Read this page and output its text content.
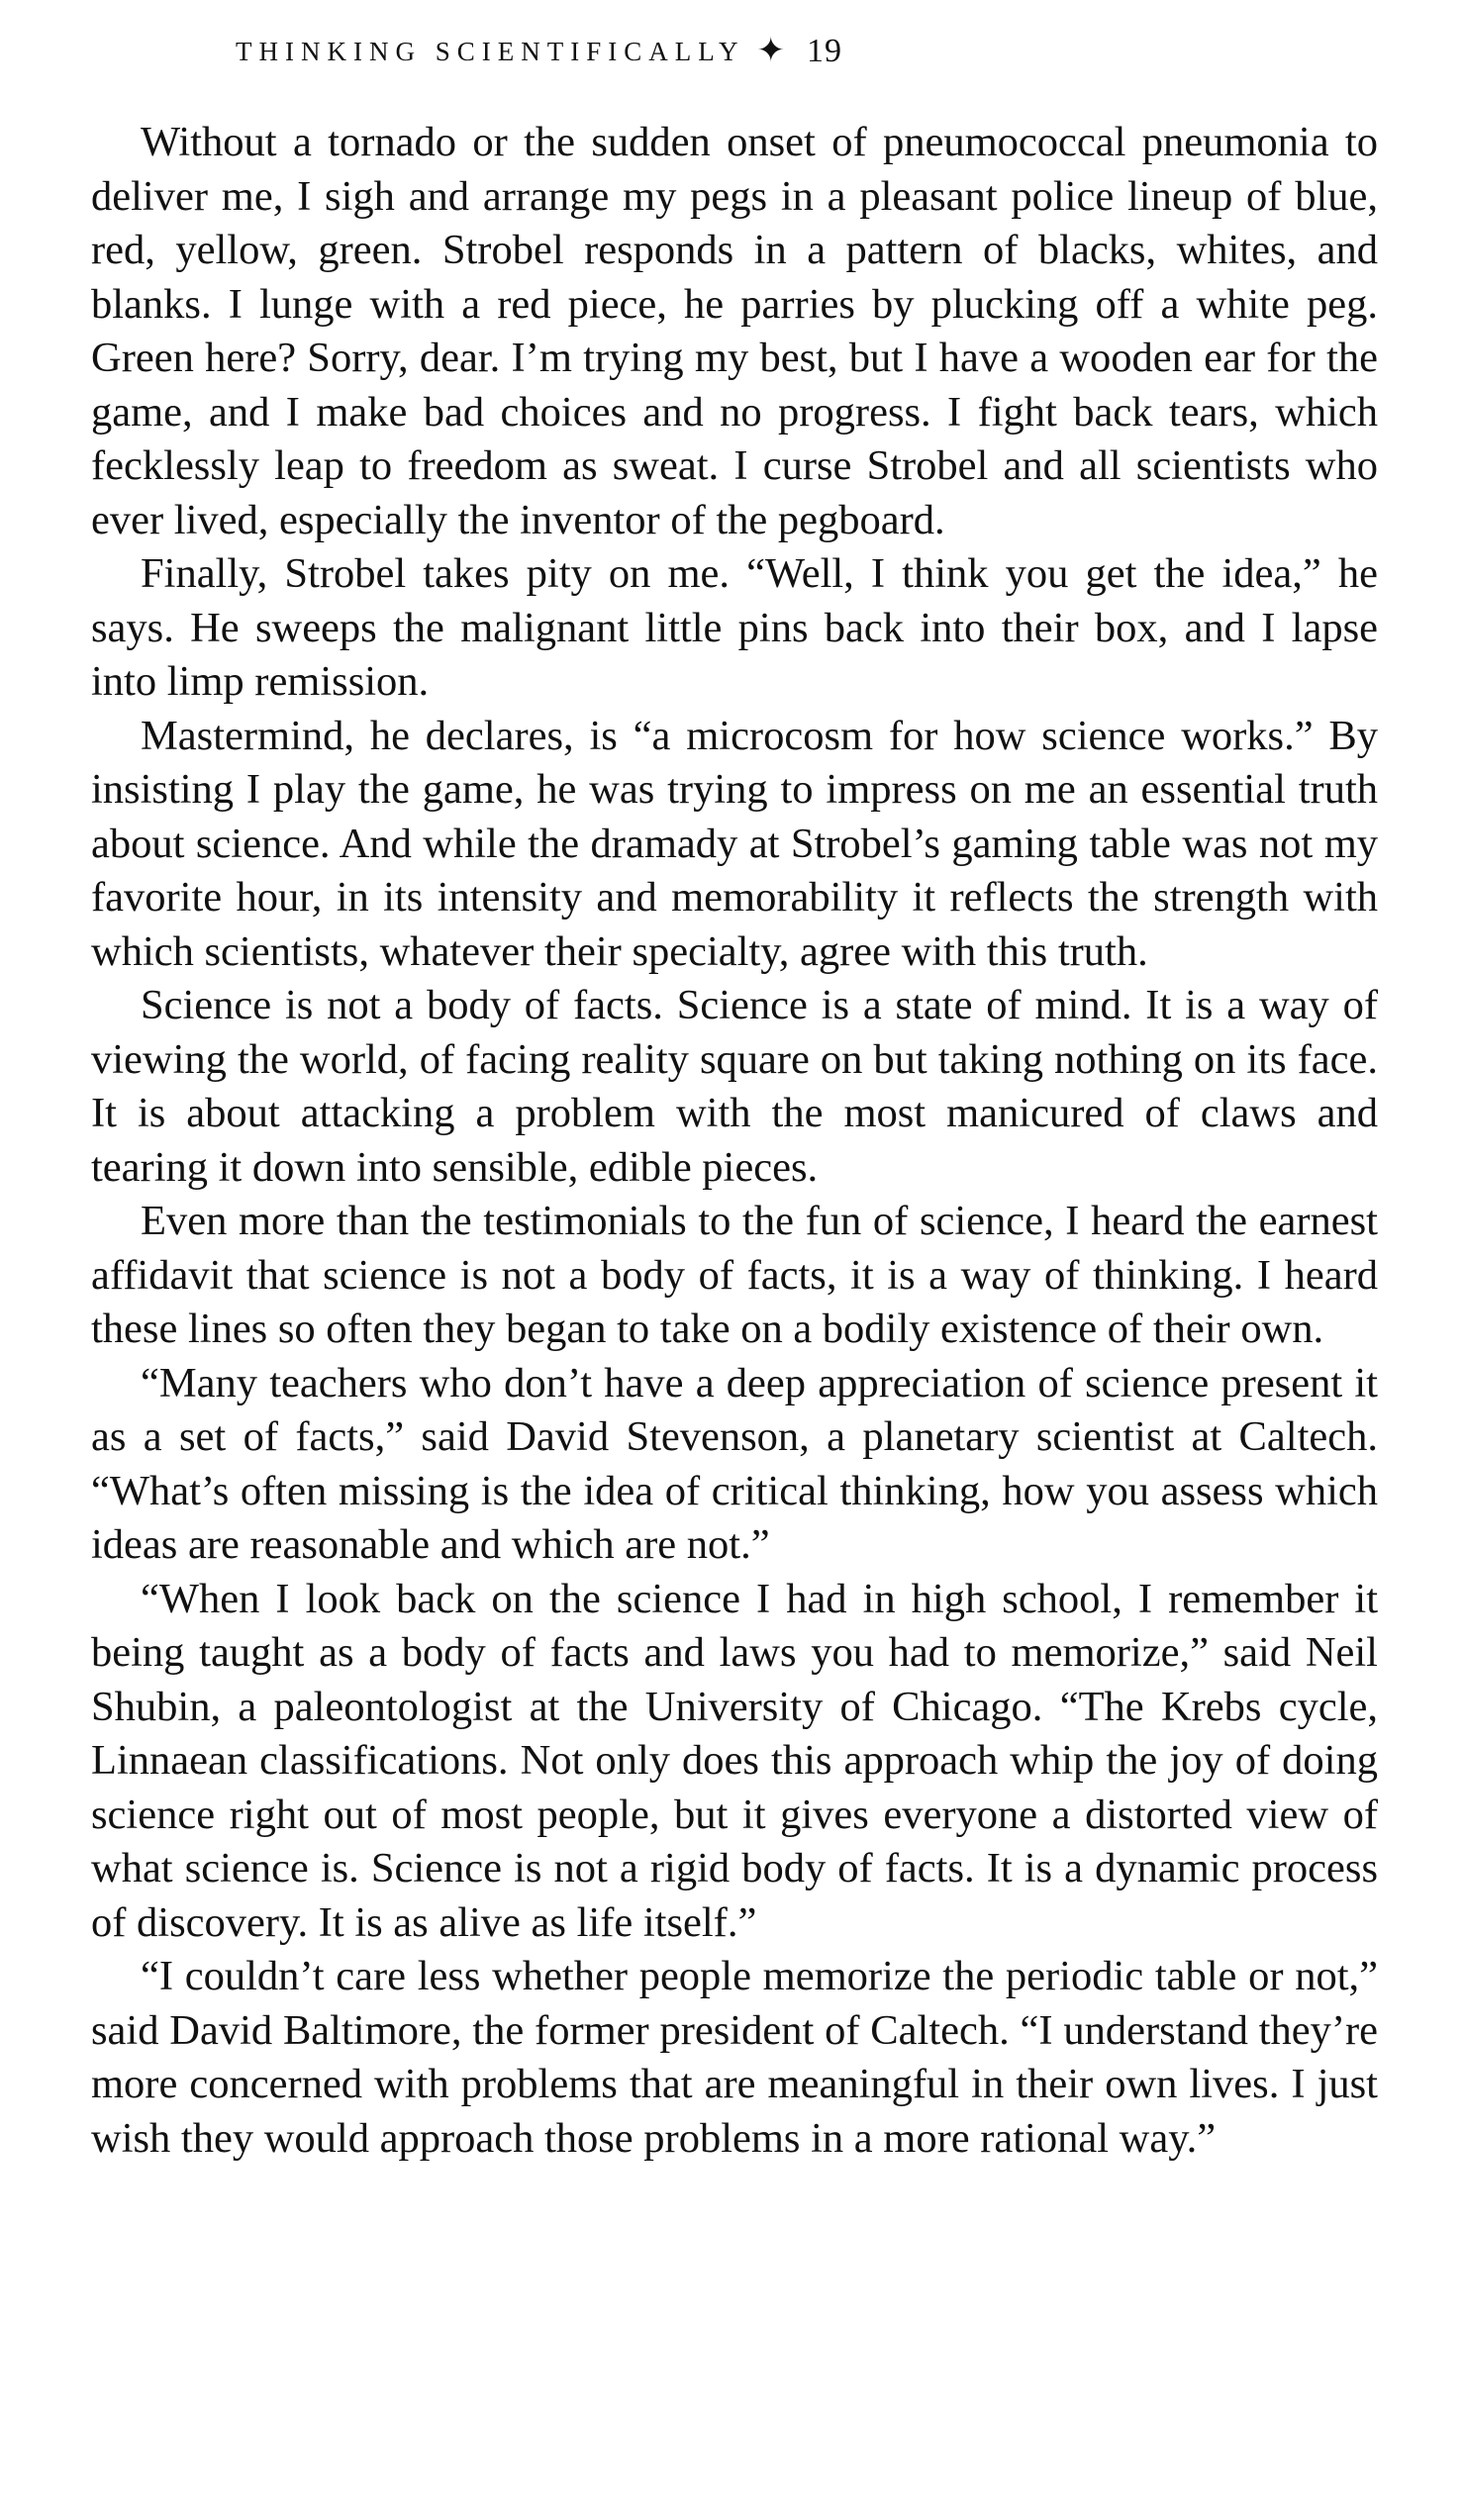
THINKING SCIENTIFICALLY ✦ 19

Without a tornado or the sudden onset of pneumococcal pneumonia to deliver me, I sigh and arrange my pegs in a pleasant police lineup of blue, red, yellow, green. Strobel responds in a pattern of blacks, whites, and blanks. I lunge with a red piece, he parries by plucking off a white peg. Green here? Sorry, dear. I’m trying my best, but I have a wooden ear for the game, and I make bad choices and no progress. I fight back tears, which fecklessly leap to freedom as sweat. I curse Strobel and all scientists who ever lived, especially the inventor of the pegboard.

Finally, Strobel takes pity on me. “Well, I think you get the idea,” he says. He sweeps the malignant little pins back into their box, and I lapse into limp remission.

Mastermind, he declares, is “a microcosm for how science works.” By insisting I play the game, he was trying to impress on me an essential truth about science. And while the dramady at Strobel’s gaming table was not my favorite hour, in its intensity and memorability it reflects the strength with which scientists, whatever their specialty, agree with this truth.

Science is not a body of facts. Science is a state of mind. It is a way of viewing the world, of facing reality square on but taking nothing on its face. It is about attacking a problem with the most manicured of claws and tearing it down into sensible, edible pieces.

Even more than the testimonials to the fun of science, I heard the earnest affidavit that science is not a body of facts, it is a way of thinking. I heard these lines so often they began to take on a bodily existence of their own.

“Many teachers who don’t have a deep appreciation of science present it as a set of facts,” said David Stevenson, a planetary scientist at Caltech. “What’s often missing is the idea of critical thinking, how you assess which ideas are reasonable and which are not.”

“When I look back on the science I had in high school, I remember it being taught as a body of facts and laws you had to memorize,” said Neil Shubin, a paleontologist at the University of Chicago. “The Krebs cycle, Linnaean classifications. Not only does this approach whip the joy of doing science right out of most people, but it gives everyone a distorted view of what science is. Science is not a rigid body of facts. It is a dynamic process of discovery. It is as alive as life itself.”

“I couldn’t care less whether people memorize the periodic table or not,” said David Baltimore, the former president of Caltech. “I understand they’re more concerned with problems that are meaningful in their own lives. I just wish they would approach those problems in a more rational way.”
